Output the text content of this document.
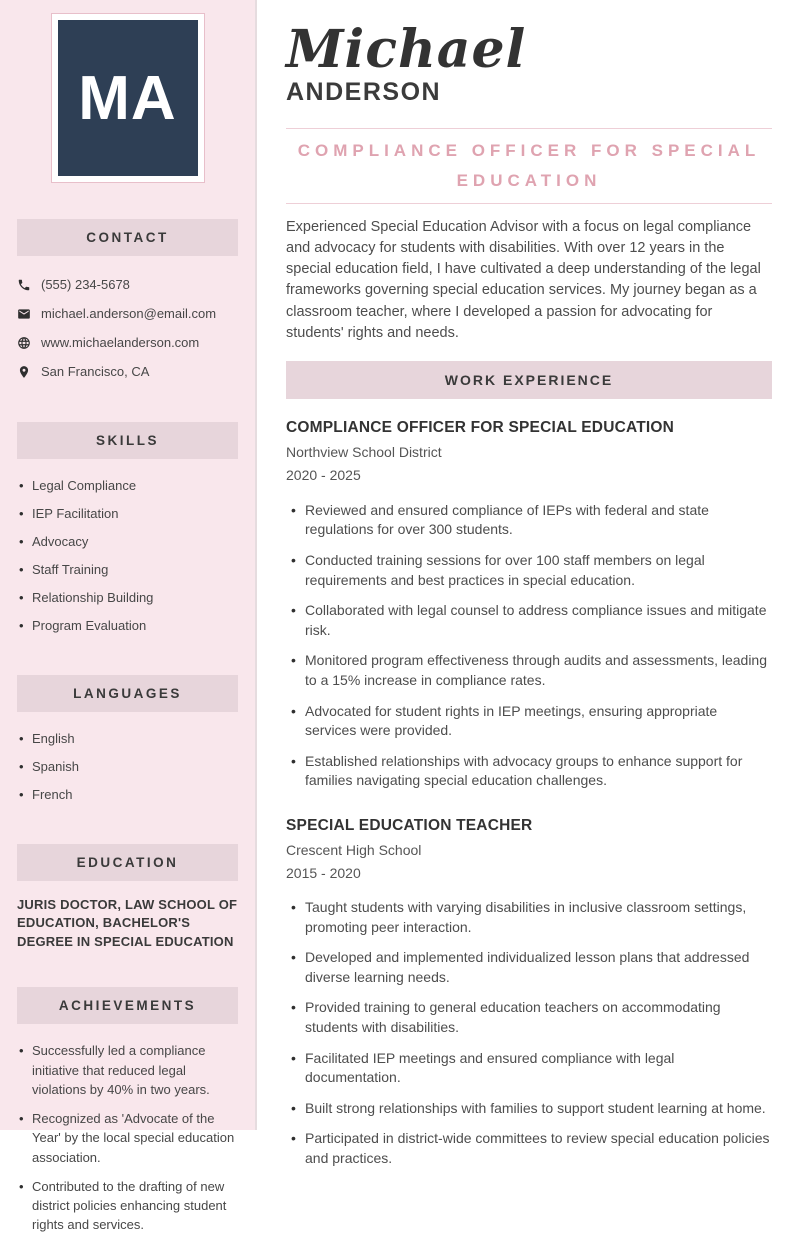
MA
CONTACT
(555) 234-5678
michael.anderson@email.com
www.michaelanderson.com
San Francisco, CA
SKILLS
• Legal Compliance
• IEP Facilitation
• Advocacy
• Staff Training
• Relationship Building
• Program Evaluation
LANGUAGES
• English
• Spanish
• French
EDUCATION
JURIS DOCTOR, LAW SCHOOL OF EDUCATION, BACHELOR'S DEGREE IN SPECIAL EDUCATION
ACHIEVEMENTS
• Successfully led a compliance initiative that reduced legal violations by 40% in two years.
• Recognized as 'Advocate of the Year' by the local special education association.
• Contributed to the drafting of new district policies enhancing student rights and services.
Michael
ANDERSON
COMPLIANCE OFFICER FOR SPECIAL EDUCATION

Experienced Special Education Advisor with a focus on legal compliance and advocacy for students with disabilities. With over 12 years in the special education field, I have cultivated a deep understanding of the legal frameworks governing special education services. My journey began as a classroom teacher, where I developed a passion for advocating for students' rights and needs.

WORK EXPERIENCE
COMPLIANCE OFFICER FOR SPECIAL EDUCATION
Northview School District
2020 - 2025
• Reviewed and ensured compliance of IEPs with federal and state regulations for over 300 students.
• Conducted training sessions for over 100 staff members on legal requirements and best practices in special education.
• Collaborated with legal counsel to address compliance issues and mitigate risk.
• Monitored program effectiveness through audits and assessments, leading to a 15% increase in compliance rates.
• Advocated for student rights in IEP meetings, ensuring appropriate services were provided.
• Established relationships with advocacy groups to enhance support for families navigating special education challenges.
SPECIAL EDUCATION TEACHER
Crescent High School
2015 - 2020
• Taught students with varying disabilities in inclusive classroom settings, promoting peer interaction.
• Developed and implemented individualized lesson plans that addressed diverse learning needs.
• Provided training to general education teachers on accommodating students with disabilities.
• Facilitated IEP meetings and ensured compliance with legal documentation.
• Built strong relationships with families to support student learning at home.
• Participated in district-wide committees to review special education policies and practices.
